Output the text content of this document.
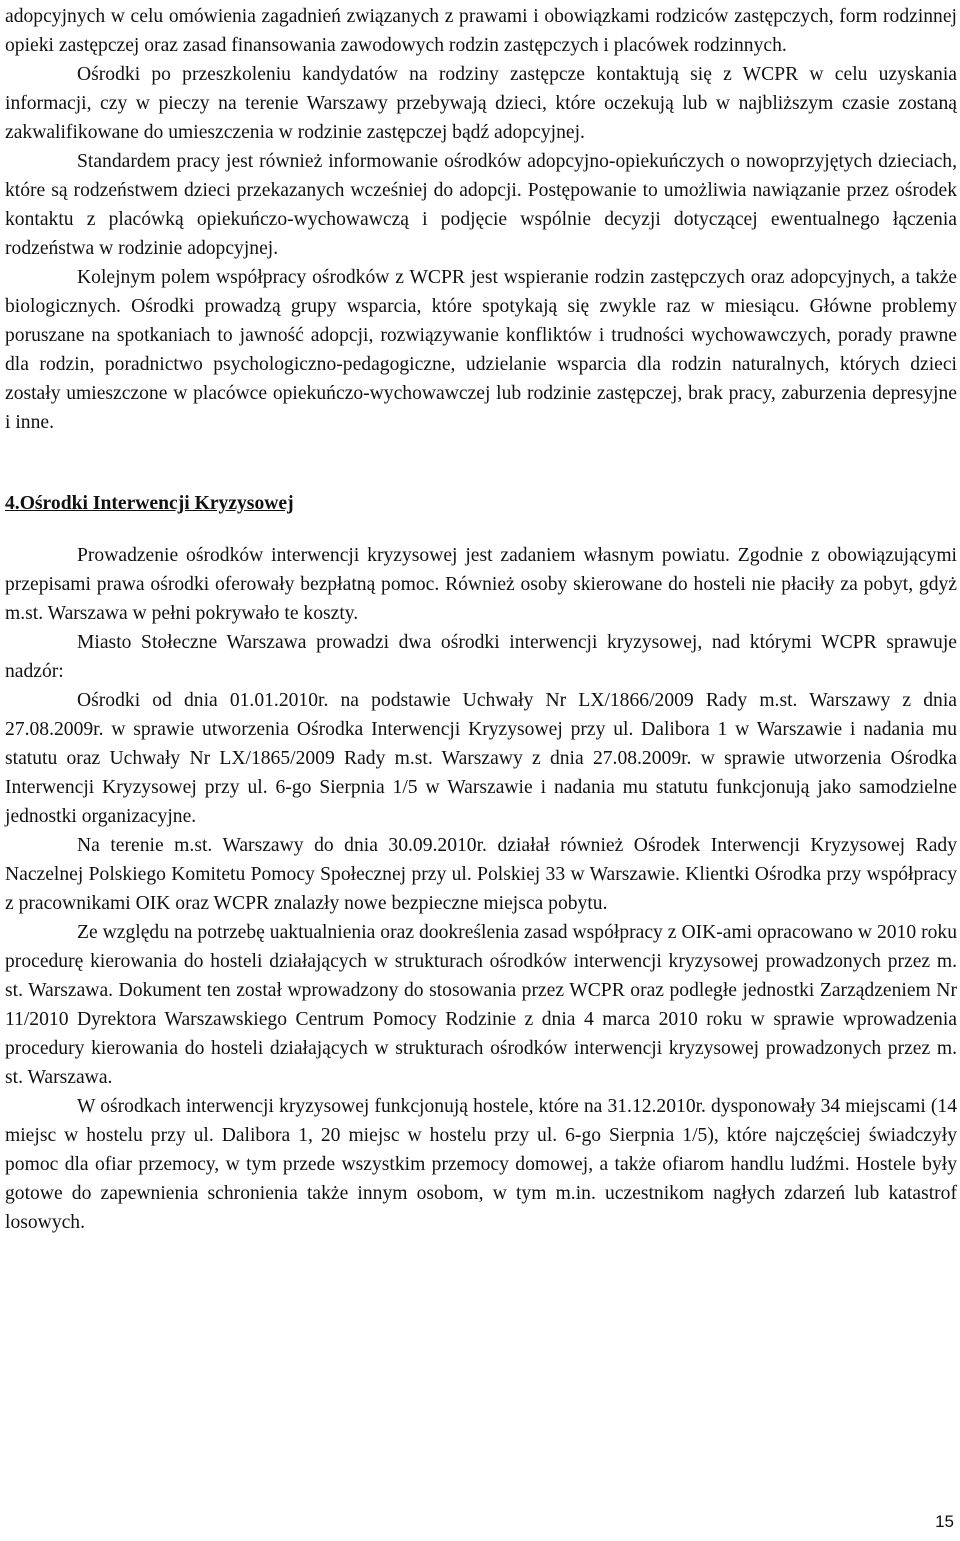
adopcyjnych w celu omówienia zagadnień związanych z prawami i obowiązkami rodziców zastępczych, form rodzinnej opieki zastępczej oraz zasad finansowania zawodowych rodzin zastępczych i placówek rodzinnych.

Ośrodki po przeszkoleniu kandydatów na rodziny zastępcze kontaktują się z WCPR w celu uzyskania informacji, czy w pieczy na terenie Warszawy przebywają dzieci, które oczekują lub w najbliższym czasie zostaną zakwalifikowane do umieszczenia w rodzinie zastępczej bądź adopcyjnej.

Standardem pracy jest również informowanie ośrodków adopcyjno-opiekuńczych o nowoprzyjętych dzieciach, które są rodzeństwem dzieci przekazanych wcześniej do adopcji. Postępowanie to umożliwia nawiązanie przez ośrodek kontaktu z placówką opiekuńczo-wychowawczą i podjęcie wspólnie decyzji dotyczącej ewentualnego łączenia rodzeństwa w rodzinie adopcyjnej.

Kolejnym polem współpracy ośrodków z WCPR jest wspieranie rodzin zastępczych oraz adopcyjnych, a także biologicznych. Ośrodki prowadzą grupy wsparcia, które spotykają się zwykle raz w miesiącu. Główne problemy poruszane na spotkaniach to jawność adopcji, rozwiązywanie konfliktów i trudności wychowawczych, porady prawne dla rodzin, poradnictwo psychologiczno-pedagogiczne, udzielanie wsparcia dla rodzin naturalnych, których dzieci zostały umieszczone w placówce opiekuńczo-wychowawczej lub rodzinie zastępczej, brak pracy, zaburzenia depresyjne i inne.

4.Ośrodki Interwencji Kryzysowej

Prowadzenie ośrodków interwencji kryzysowej jest zadaniem własnym powiatu. Zgodnie z obowiązującymi przepisami prawa ośrodki oferowały bezpłatną pomoc. Również osoby skierowane do hosteli nie płaciły za pobyt, gdyż m.st. Warszawa w pełni pokrywało te koszty.

Miasto Stołeczne Warszawa prowadzi dwa ośrodki interwencji kryzysowej, nad którymi WCPR sprawuje nadzór:

Ośrodki od dnia 01.01.2010r. na podstawie Uchwały Nr LX/1866/2009 Rady m.st. Warszawy z dnia 27.08.2009r. w sprawie utworzenia Ośrodka Interwencji Kryzysowej przy ul. Dalibora 1 w Warszawie i nadania mu statutu oraz Uchwały Nr LX/1865/2009 Rady m.st. Warszawy z dnia 27.08.2009r. w sprawie utworzenia Ośrodka Interwencji Kryzysowej przy ul. 6-go Sierpnia 1/5 w Warszawie i nadania mu statutu funkcjonują jako samodzielne jednostki organizacyjne.

Na terenie m.st. Warszawy do dnia 30.09.2010r. działał również Ośrodek Interwencji Kryzysowej Rady Naczelnej Polskiego Komitetu Pomocy Społecznej przy ul. Polskiej 33 w Warszawie. Klientki Ośrodka przy współpracy z pracownikami OIK oraz WCPR znalazły nowe bezpieczne miejsca pobytu.

Ze względu na potrzebę uaktualnienia oraz dookreślenia zasad współpracy z OIK-ami opracowano w 2010 roku procedurę kierowania do hosteli działających w strukturach ośrodków interwencji kryzysowej prowadzonych przez m. st. Warszawa. Dokument ten został wprowadzony do stosowania przez WCPR oraz podległe jednostki Zarządzeniem Nr 11/2010 Dyrektora Warszawskiego Centrum Pomocy Rodzinie z dnia 4 marca 2010 roku w sprawie wprowadzenia procedury kierowania do hosteli działających w strukturach ośrodków interwencji kryzysowej prowadzonych przez m. st. Warszawa.

W ośrodkach interwencji kryzysowej funkcjonują hostele, które na 31.12.2010r. dysponowały 34 miejscami (14 miejsc w hostelu przy ul. Dalibora 1, 20 miejsc w hostelu przy ul. 6-go Sierpnia 1/5), które najczęściej świadczyły pomoc dla ofiar przemocy, w tym przede wszystkim przemocy domowej, a także ofiarom handlu ludźmi. Hostele były gotowe do zapewnienia schronienia także innym osobom, w tym m.in. uczestnikom nagłych zdarzeń lub katastrof losowych.

15
